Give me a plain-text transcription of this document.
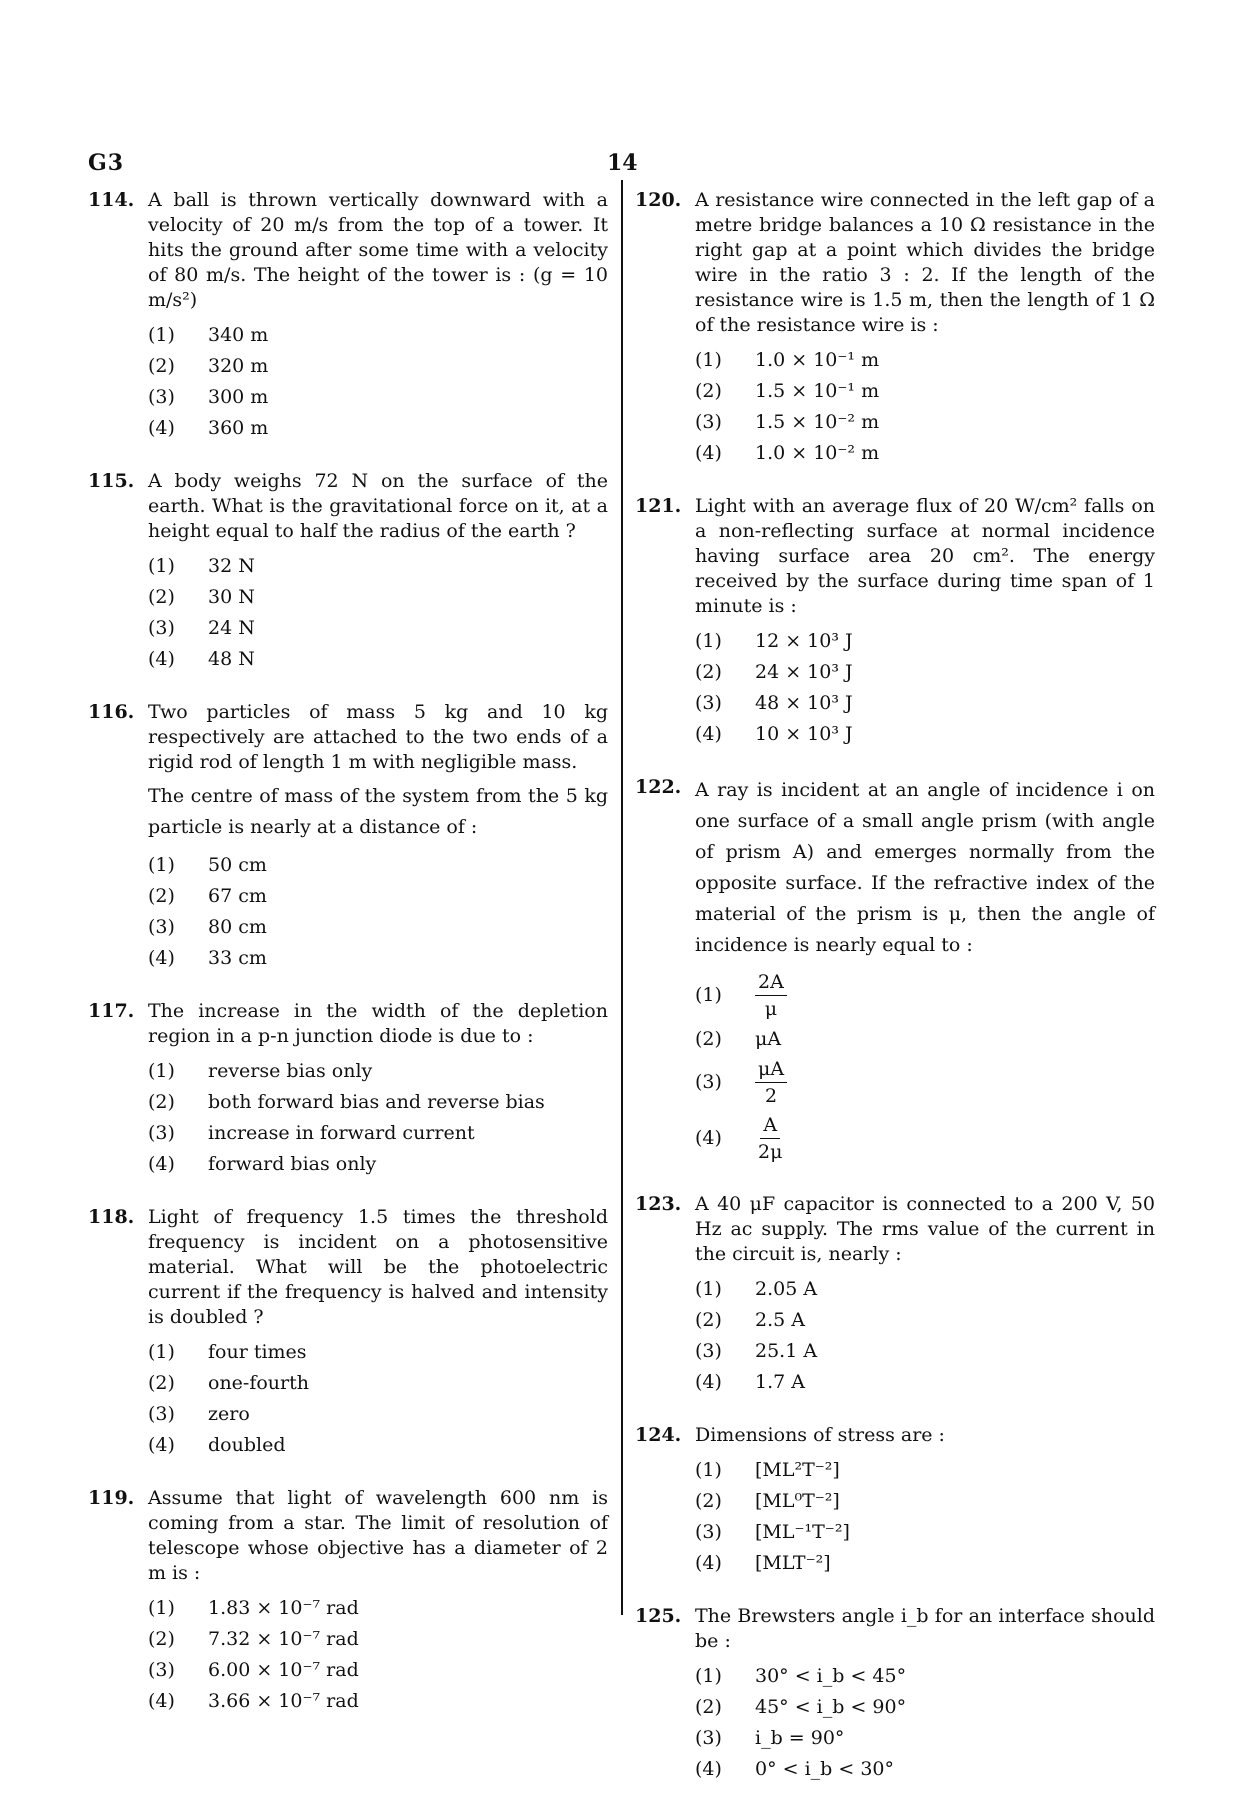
G3	14
114. A ball is thrown vertically downward with a velocity of 20 m/s from the top of a tower. It hits the ground after some time with a velocity of 80 m/s. The height of the tower is : (g = 10 m/s²)

(1)	340 m
(2)	320 m
(3)	300 m
(4)	360 m
115. A body weighs 72 N on the surface of the earth. What is the gravitational force on it, at a height equal to half the radius of the earth ?

(1)	32 N
(2)	30 N
(3)	24 N
(4)	48 N
116. Two particles of mass 5 kg and 10 kg respectively are attached to the two ends of a rigid rod of length 1 m with negligible mass.

The centre of mass of the system from the 5 kg particle is nearly at a distance of :

(1)	50 cm
(2)	67 cm
(3)	80 cm
(4)	33 cm
117. The increase in the width of the depletion region in a p-n junction diode is due to :

(1)	reverse bias only
(2)	both forward bias and reverse bias
(3)	increase in forward current
(4)	forward bias only
118. Light of frequency 1.5 times the threshold frequency is incident on a photosensitive material. What will be the photoelectric current if the frequency is halved and intensity is doubled ?

(1)	four times
(2)	one-fourth
(3)	zero
(4)	doubled
119. Assume that light of wavelength 600 nm is coming from a star. The limit of resolution of telescope whose objective has a diameter of 2 m is :

(1)	1.83 × 10⁻⁷ rad
(2)	7.32 × 10⁻⁷ rad
(3)	6.00 × 10⁻⁷ rad
(4)	3.66 × 10⁻⁷ rad
120. A resistance wire connected in the left gap of a metre bridge balances a 10 Ω resistance in the right gap at a point which divides the bridge wire in the ratio 3 : 2. If the length of the resistance wire is 1.5 m, then the length of 1 Ω of the resistance wire is :

(1)	1.0 × 10⁻¹ m
(2)	1.5 × 10⁻¹ m
(3)	1.5 × 10⁻² m
(4)	1.0 × 10⁻² m
121. Light with an average flux of 20 W/cm² falls on a non-reflecting surface at normal incidence having surface area 20 cm². The energy received by the surface during time span of 1 minute is :

(1)	12 × 10³ J
(2)	24 × 10³ J
(3)	48 × 10³ J
(4)	10 × 10³ J
122. A ray is incident at an angle of incidence i on one surface of a small angle prism (with angle of prism A) and emerges normally from the opposite surface. If the refractive index of the material of the prism is μ, then the angle of incidence is nearly equal to :

(1)	$\frac{2A}{\mu}$
(2)	μA
(3)	$\frac{\mu A}{2}$
(4)	$\frac{A}{2\mu}$
123. A 40 μF capacitor is connected to a 200 V, 50 Hz ac supply. The rms value of the current in the circuit is, nearly :

(1)	2.05 A
(2)	2.5 A
(3)	25.1 A
(4)	1.7 A
124. Dimensions of stress are :

(1)	[ML²T⁻²]
(2)	[ML⁰T⁻²]
(3)	[ML⁻¹T⁻²]
(4)	[MLT⁻²]
125. The Brewsters angle i_b for an interface should be :

(1)	30° < i_b < 45°
(2)	45° < i_b < 90°
(3)	i_b = 90°
(4)	0° < i_b < 30°
